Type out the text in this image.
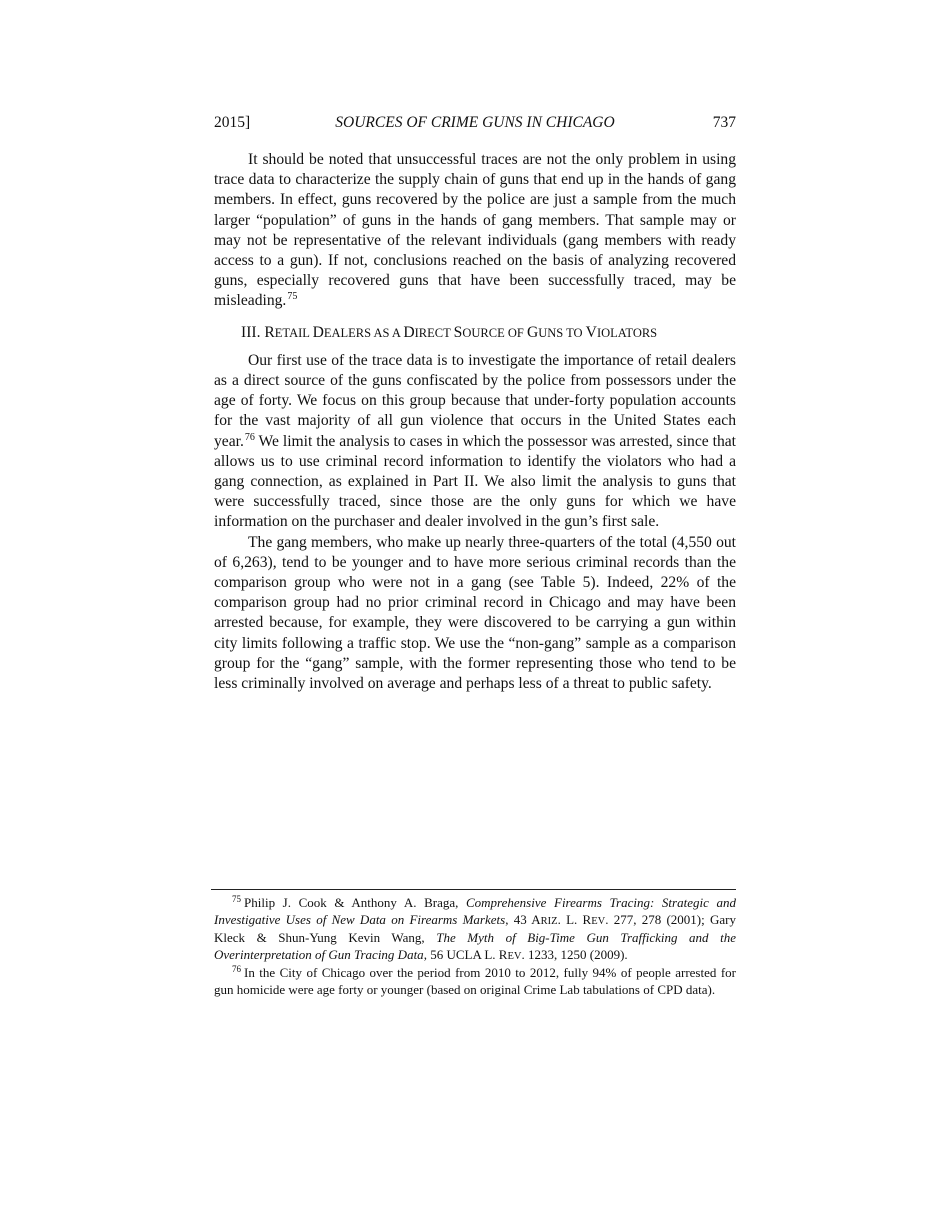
2015]	SOURCES OF CRIME GUNS IN CHICAGO	737

It should be noted that unsuccessful traces are not the only problem in using trace data to characterize the supply chain of guns that end up in the hands of gang members. In effect, guns recovered by the police are just a sample from the much larger “population” of guns in the hands of gang members. That sample may or may not be representative of the relevant individuals (gang members with ready access to a gun). If not, conclusions reached on the basis of analyzing recovered guns, especially recovered guns that have been successfully traced, may be misleading.$^{75}$

III. RETAIL DEALERS AS A DIRECT SOURCE OF GUNS TO VIOLATORS

Our first use of the trace data is to investigate the importance of retail dealers as a direct source of the guns confiscated by the police from possessors under the age of forty. We focus on this group because that under-forty population accounts for the vast majority of all gun violence that occurs in the United States each year.$^{76}$ We limit the analysis to cases in which the possessor was arrested, since that allows us to use criminal record information to identify the violators who had a gang connection, as explained in Part II. We also limit the analysis to guns that were successfully traced, since those are the only guns for which we have information on the purchaser and dealer involved in the gun’s first sale.

The gang members, who make up nearly three-quarters of the total (4,550 out of 6,263), tend to be younger and to have more serious criminal records than the comparison group who were not in a gang (see Table 5). Indeed, 22% of the comparison group had no prior criminal record in Chicago and may have been arrested because, for example, they were discovered to be carrying a gun within city limits following a traffic stop. We use the “non-gang” sample as a comparison group for the “gang” sample, with the former representing those who tend to be less criminally involved on average and perhaps less of a threat to public safety.

$^{75}$ Philip J. Cook & Anthony A. Braga, Comprehensive Firearms Tracing: Strategic and Investigative Uses of New Data on Firearms Markets, 43 ARIZ. L. REV. 277, 278 (2001); Gary Kleck & Shun-Yung Kevin Wang, The Myth of Big-Time Gun Trafficking and the Overinterpretation of Gun Tracing Data, 56 UCLA L. REV. 1233, 1250 (2009).

$^{76}$ In the City of Chicago over the period from 2010 to 2012, fully 94% of people arrested for gun homicide were age forty or younger (based on original Crime Lab tabulations of CPD data).
